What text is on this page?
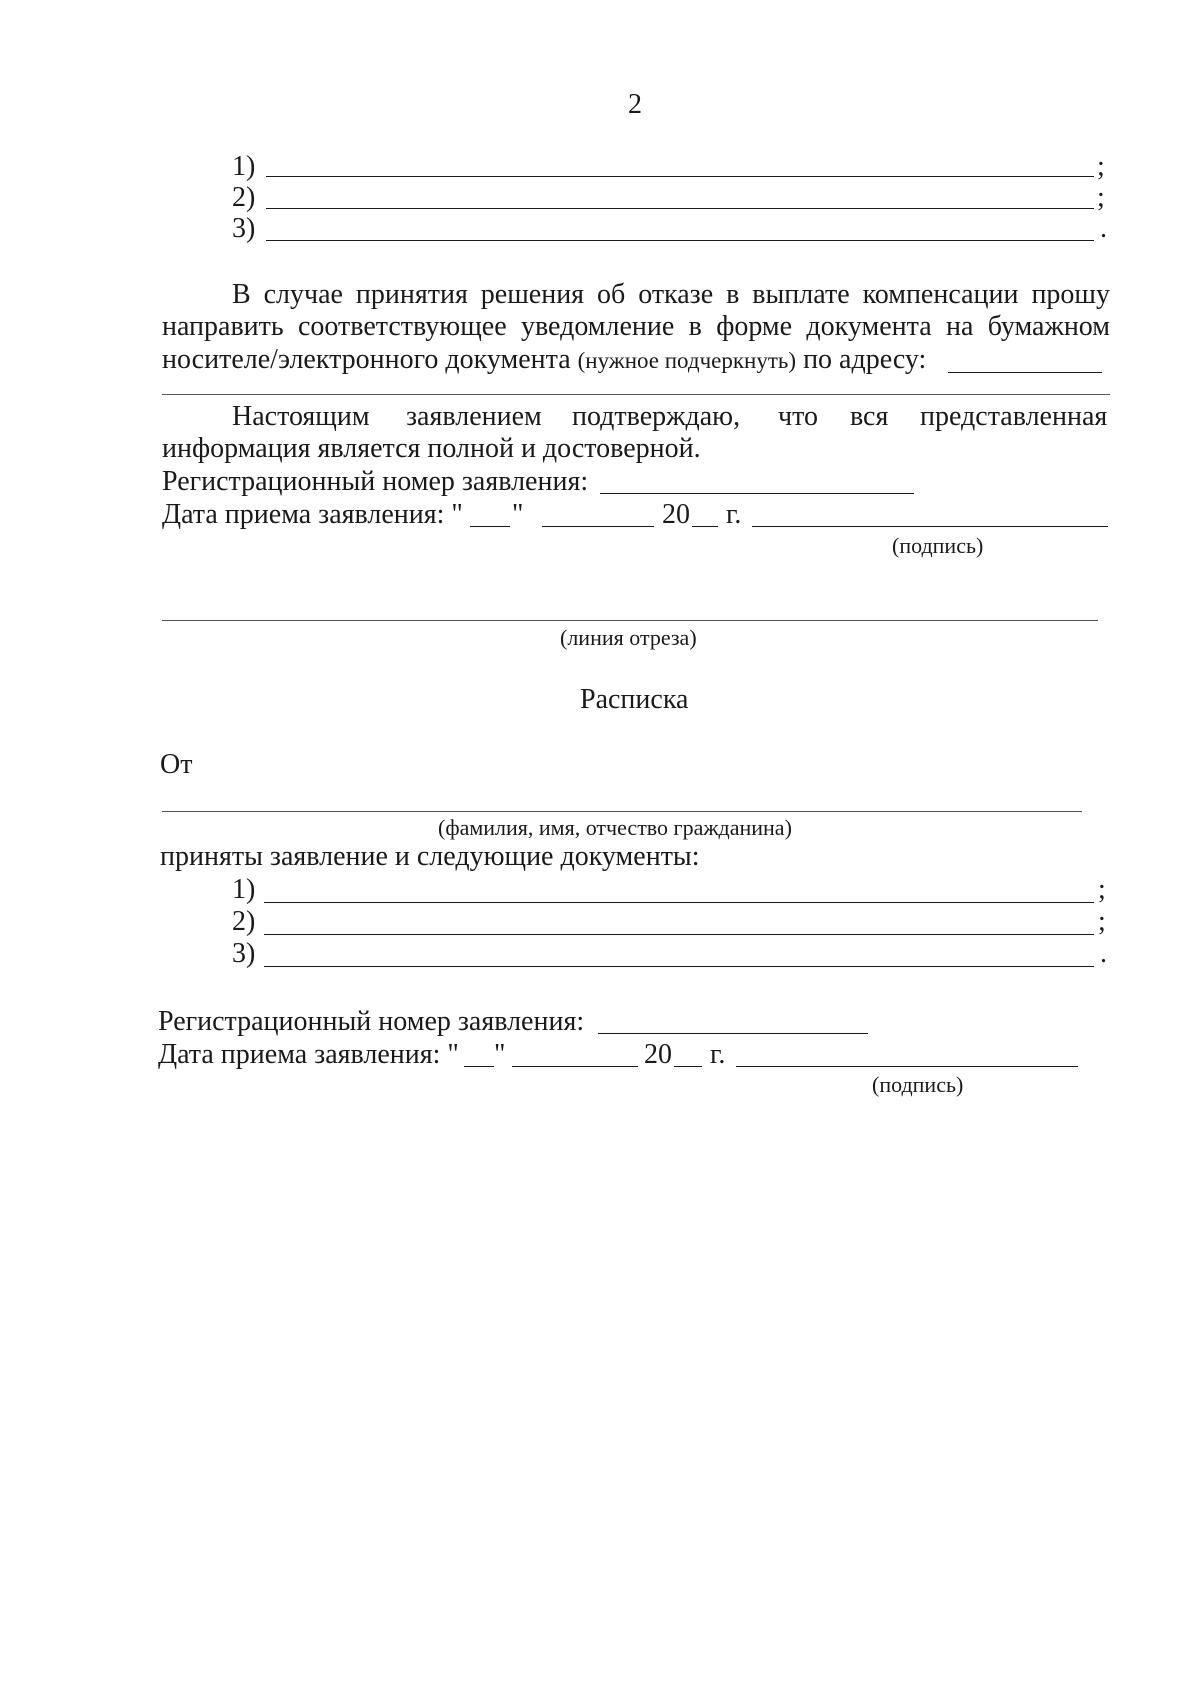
2
1)	;
2)	;
3)	.
В случае принятия решения об отказе в выплате компенсации прошу
направить соответствующее уведомление в форме документа на бумажном
носителе/электронного документа (нужное подчеркнуть) по адресу:
Настоящим заявлением подтверждаю, что вся представленная
информация является полной и достоверной.
Регистрационный номер заявления:
Дата приема заявления: " "	20 г.
(подпись)
(линия отреза)
Расписка
От
(фамилия, имя, отчество гражданина)
приняты заявление и следующие документы:
1)	;
2)	;
3)	.
Регистрационный номер заявления:
Дата приема заявления: " "	20 г.
(подпись)
